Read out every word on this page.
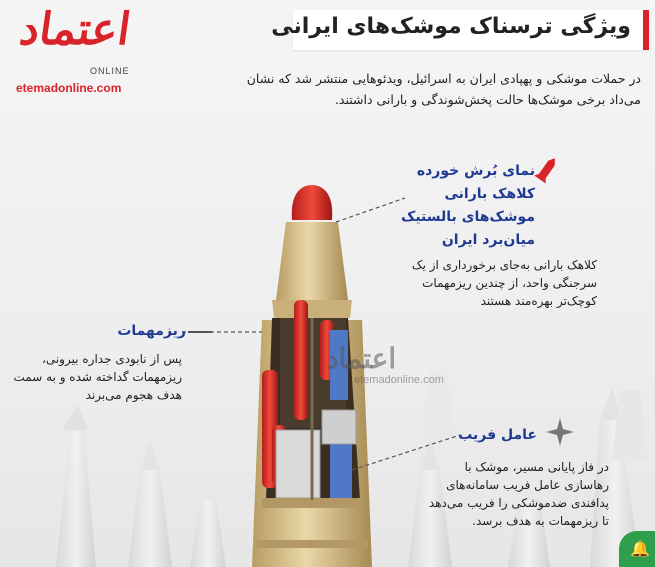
اعتماد
ONLINE
etemadonline.com
ویژگی ترسناک موشک‌های ایرانی
در حملات موشکی و پهپادی ایران به اسرائیل، ویدئوهایی منتشر شد که نشان می‌داد برخی موشک‌ها حالت پخش‌شوندگی و بارانی داشتند.
نمای بُرش خورده کلاهک بارانی موشک‌های بالستیک میان‌برد ایران
کلاهک بارانی به‌جای برخورداری از یک سرجنگی واحد، از چندین ریزمهمات کوچک‌تر بهره‌مند هستند
ریزمهمات
پس از نابودی جداره بیرونی، ریزمهمات گداخته شده و به سمت هدف هجوم می‌برند
عامل فریب
در فاز پایانی مسیر، موشک با رهاسازی عامل فریب سامانه‌های پدافندی ضدموشکی را فریب می‌دهد تا ریزمهمات به هدف برسد.
اعتماد
etemadonline.com
🔔
